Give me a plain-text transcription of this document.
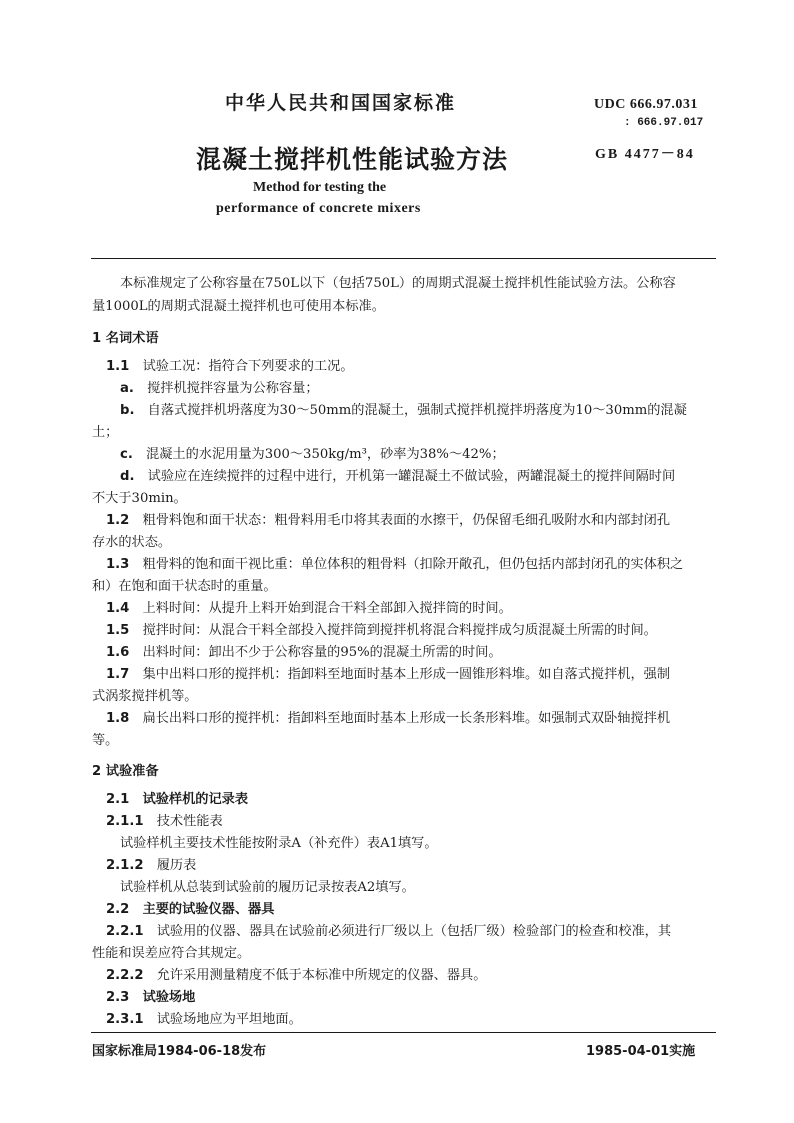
中华人民共和国国家标准	UDC 666.97.031
: 666.97.017
混凝土搅拌机性能试验方法	GB 4477－84
Method for testing the
performance of concrete mixers
本标准规定了公称容量在750L以下（包括750L）的周期式混凝土搅拌机性能试验方法。公称容
量1000L的周期式混凝土搅拌机也可使用本标准。
1 名词术语
1.1　 试验工况：指符合下列要求的工况。
a.　 搅拌机搅拌容量为公称容量；
b.　 自落式搅拌机坍落度为30～50mm的混凝土，强制式搅拌机搅拌坍落度为10～30mm的混凝
土；
c.　 混凝土的水泥用量为300～350kg/m³，砂率为38%～42%；
d.　 试验应在连续搅拌的过程中进行，开机第一罐混凝土不做试验，两罐混凝土的搅拌间隔时间
不大于30min。
1.2　 粗骨料饱和面干状态：粗骨料用毛巾将其表面的水擦干，仍保留毛细孔吸附水和内部封闭孔
存水的状态。
1.3　 粗骨料的饱和面干视比重：单位体积的粗骨料（扣除开敞孔，但仍包括内部封闭孔的实体积之
和）在饱和面干状态时的重量。
1.4　 上料时间：从提升上料开始到混合干料全部卸入搅拌筒的时间。
1.5　 搅拌时间：从混合干料全部投入搅拌筒到搅拌机将混合料搅拌成匀质混凝土所需的时间。
1.6　 出料时间：卸出不少于公称容量的95%的混凝土所需的时间。
1.7　 集中出料口形的搅拌机：指卸料至地面时基本上形成一圆锥形料堆。如自落式搅拌机，强制
式涡浆搅拌机等。
1.8　 扁长出料口形的搅拌机：指卸料至地面时基本上形成一长条形料堆。如强制式双卧轴搅拌机
等。
2 试验准备
2.1　 试验样机的记录表
2.1.1　 技术性能表
试验样机主要技术性能按附录A（补充件）表A1填写。
2.1.2　 履历表
试验样机从总装到试验前的履历记录按表A2填写。
2.2　 主要的试验仪器、器具
2.2.1　 试验用的仪器、器具在试验前必须进行厂级以上（包括厂级）检验部门的检查和校准，其
性能和误差应符合其规定。
2.2.2　 允许采用测量精度不低于本标准中所规定的仪器、器具。
2.3　 试验场地
2.3.1　 试验场地应为平坦地面。
国家标准局1984-06-18发布	1985-04-01实施
